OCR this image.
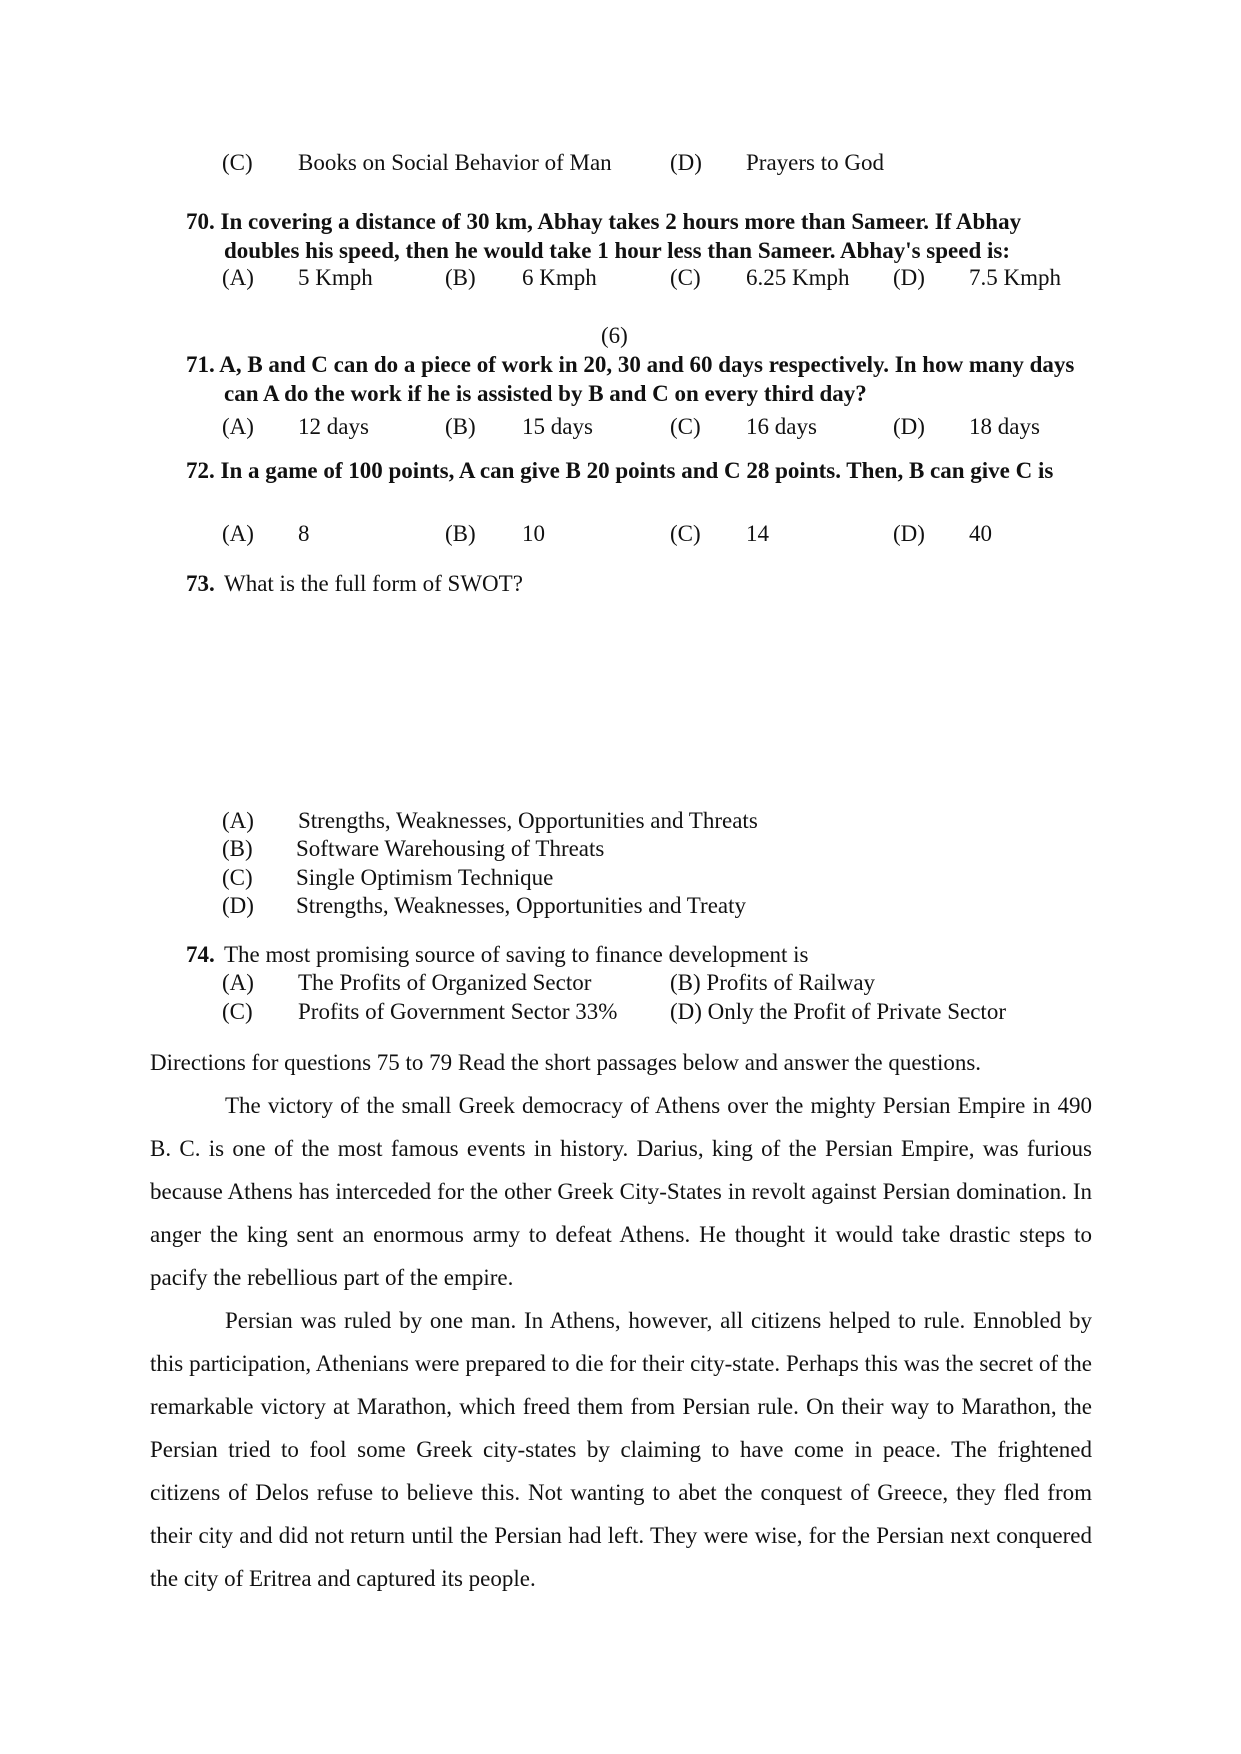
(C) Books on Social Behavior of Man	(D) Prayers to God
70. In covering a distance of 30 km, Abhay takes 2 hours more than Sameer. If Abhay doubles his speed, then he would take 1 hour less than Sameer. Abhay's speed is:
(A) 5 Kmph	(B) 6 Kmph	(C) 6.25 Kmph (D) 7.5 Kmph
(6)
71. A, B and C can do a piece of work in 20, 30 and 60 days respectively. In how many days can A do the work if he is assisted by B and C on every third day?
(A) 12 days	(B) 15 days	(C) 16 days	(D) 18 days
72. In a game of 100 points, A can give B 20 points and C 28 points. Then, B can give C is
(A) 8	(B) 10	(C) 14	(D) 40
73. What is the full form of SWOT?
(A) Strengths, Weaknesses, Opportunities and Threats
(B) Software Warehousing of Threats
(C) Single Optimism Technique
(D) Strengths, Weaknesses, Opportunities and Treaty
74. The most promising source of saving to finance development is
(A) The Profits of Organized Sector	(B) Profits of Railway
(C) Profits of Government Sector 33% (D) Only the Profit of Private Sector
Directions for questions 75 to 79 Read the short passages below and answer the questions.
The victory of the small Greek democracy of Athens over the mighty Persian Empire in 490 B. C. is one of the most famous events in history. Darius, king of the Persian Empire, was furious because Athens has interceded for the other Greek City-States in revolt against Persian domination. In anger the king sent an enormous army to defeat Athens. He thought it would take drastic steps to pacify the rebellious part of the empire.
Persian was ruled by one man. In Athens, however, all citizens helped to rule. Ennobled by this participation, Athenians were prepared to die for their city-state. Perhaps this was the secret of the remarkable victory at Marathon, which freed them from Persian rule. On their way to Marathon, the Persian tried to fool some Greek city-states by claiming to have come in peace. The frightened citizens of Delos refuse to believe this. Not wanting to abet the conquest of Greece, they fled from their city and did not return until the Persian had left. They were wise, for the Persian next conquered the city of Eritrea and captured its people.
